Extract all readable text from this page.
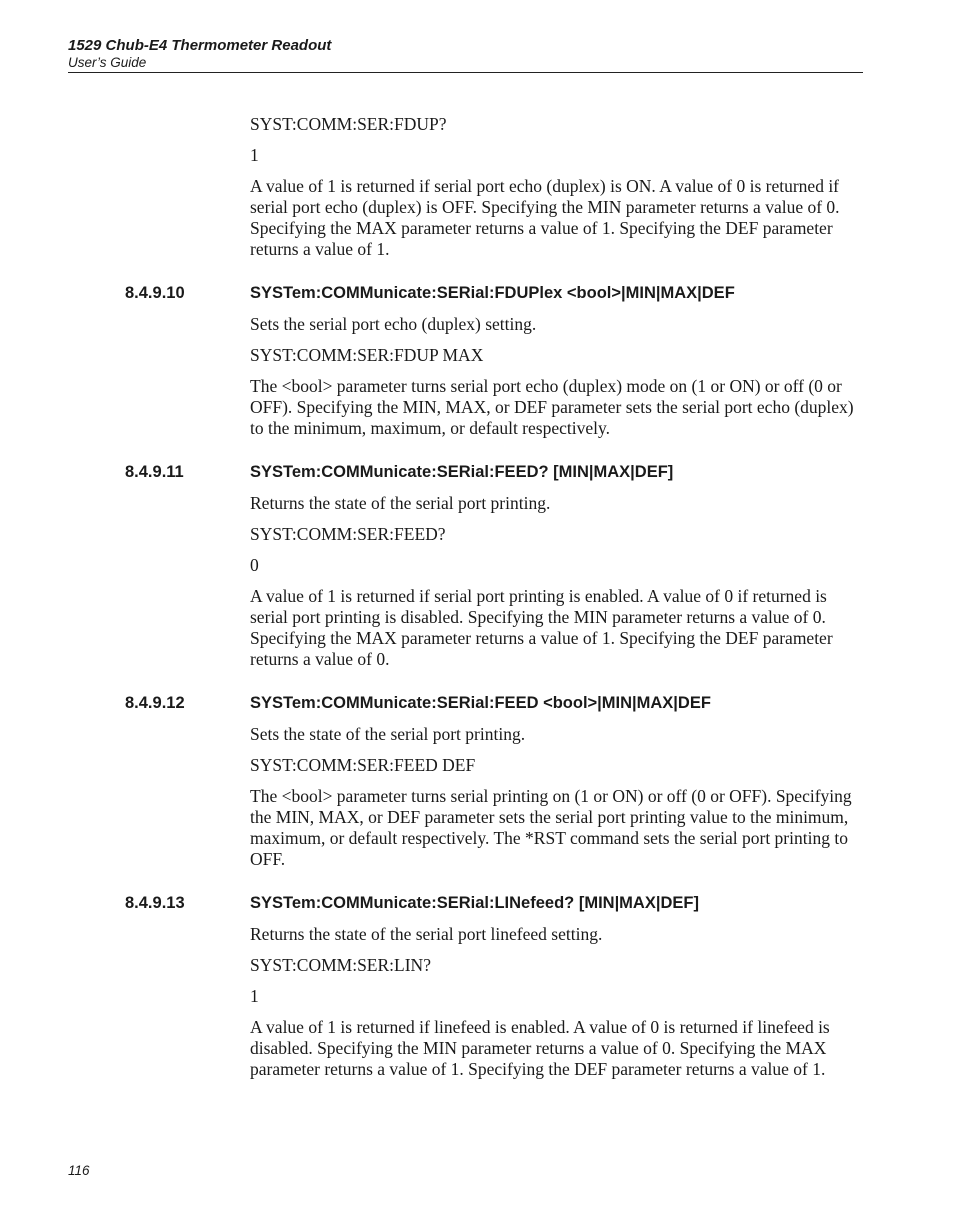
1529 Chub-E4 Thermometer Readout
User’s Guide

SYST:COMM:SER:FDUP?

1

A value of 1 is returned if serial port echo (duplex) is ON. A value of 0 is returned if serial port echo (duplex) is OFF. Specifying the MIN parameter returns a value of 0. Specifying the MAX parameter returns a value of 1. Specifying the DEF parameter returns a value of 1.

8.4.9.10	SYSTem:COMMunicate:SERial:FDUPlex <bool>|MIN|MAX|DEF

Sets the serial port echo (duplex) setting.

SYST:COMM:SER:FDUP MAX

The <bool> parameter turns serial port echo (duplex) mode on (1 or ON) or off (0 or OFF). Specifying the MIN, MAX, or DEF parameter sets the serial port echo (duplex) to the minimum, maximum, or default respectively.

8.4.9.11	SYSTem:COMMunicate:SERial:FEED? [MIN|MAX|DEF]

Returns the state of the serial port printing.

SYST:COMM:SER:FEED?

0

A value of 1 is returned if serial port printing is enabled. A value of 0 if returned is serial port printing is disabled. Specifying the MIN parameter returns a value of 0. Specifying the MAX parameter returns a value of 1. Specifying the DEF parameter returns a value of 0.

8.4.9.12	SYSTem:COMMunicate:SERial:FEED <bool>|MIN|MAX|DEF

Sets the state of the serial port printing.

SYST:COMM:SER:FEED DEF

The <bool> parameter turns serial printing on (1 or ON) or off (0 or OFF). Specifying the MIN, MAX, or DEF parameter sets the serial port printing value to the minimum, maximum, or default respectively. The *RST command sets the serial port printing to OFF.

8.4.9.13	SYSTem:COMMunicate:SERial:LINefeed? [MIN|MAX|DEF]

Returns the state of the serial port linefeed setting.

SYST:COMM:SER:LIN?

1

A value of 1 is returned if linefeed is enabled. A value of 0 is returned if linefeed is disabled. Specifying the MIN parameter returns a value of 0. Specifying the MAX parameter returns a value of 1. Specifying the DEF parameter returns a value of 1.

116
